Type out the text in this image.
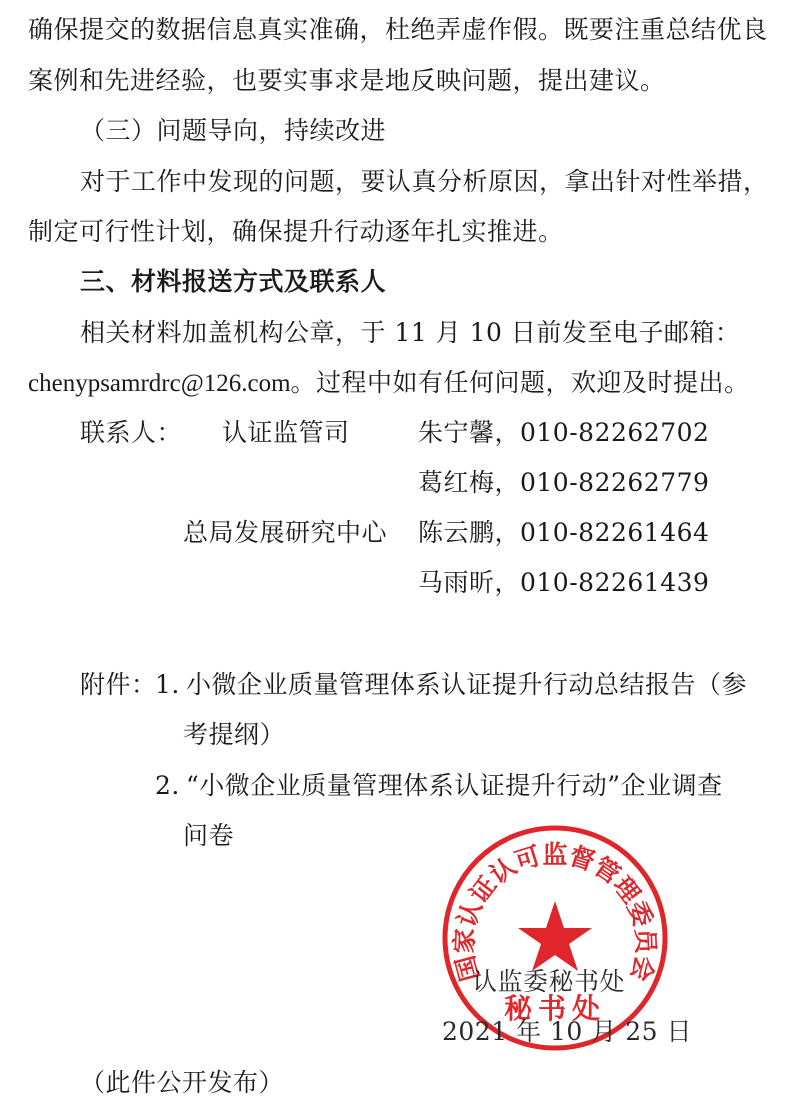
确保提交的数据信息真实准确，杜绝弄虚作假。既要注重总结优良
案例和先进经验，也要实事求是地反映问题，提出建议。
（三）问题导向，持续改进
对于工作中发现的问题，要认真分析原因，拿出针对性举措，
制定可行性计划，确保提升行动逐年扎实推进。
三、材料报送方式及联系人
相关材料加盖机构公章，于 11 月 10 日前发至电子邮箱：
chenypsamrdrc@126.com。过程中如有任何问题，欢迎及时提出。
联系人： 认证监管司	朱宁馨，010-82262702
葛红梅，010-82262779
总局发展研究中心 陈云鹏，010-82261464
马雨昕，010-82261439
附件：
1. 小微企业质量管理体系认证提升行动总结报告（参
考提纲）
2. “小微企业质量管理体系认证提升行动”企业调查
问卷
国家认证认可监督管理委员会
秘书处
认监委秘书处
2021 年 10 月 25 日
（此件公开发布）
